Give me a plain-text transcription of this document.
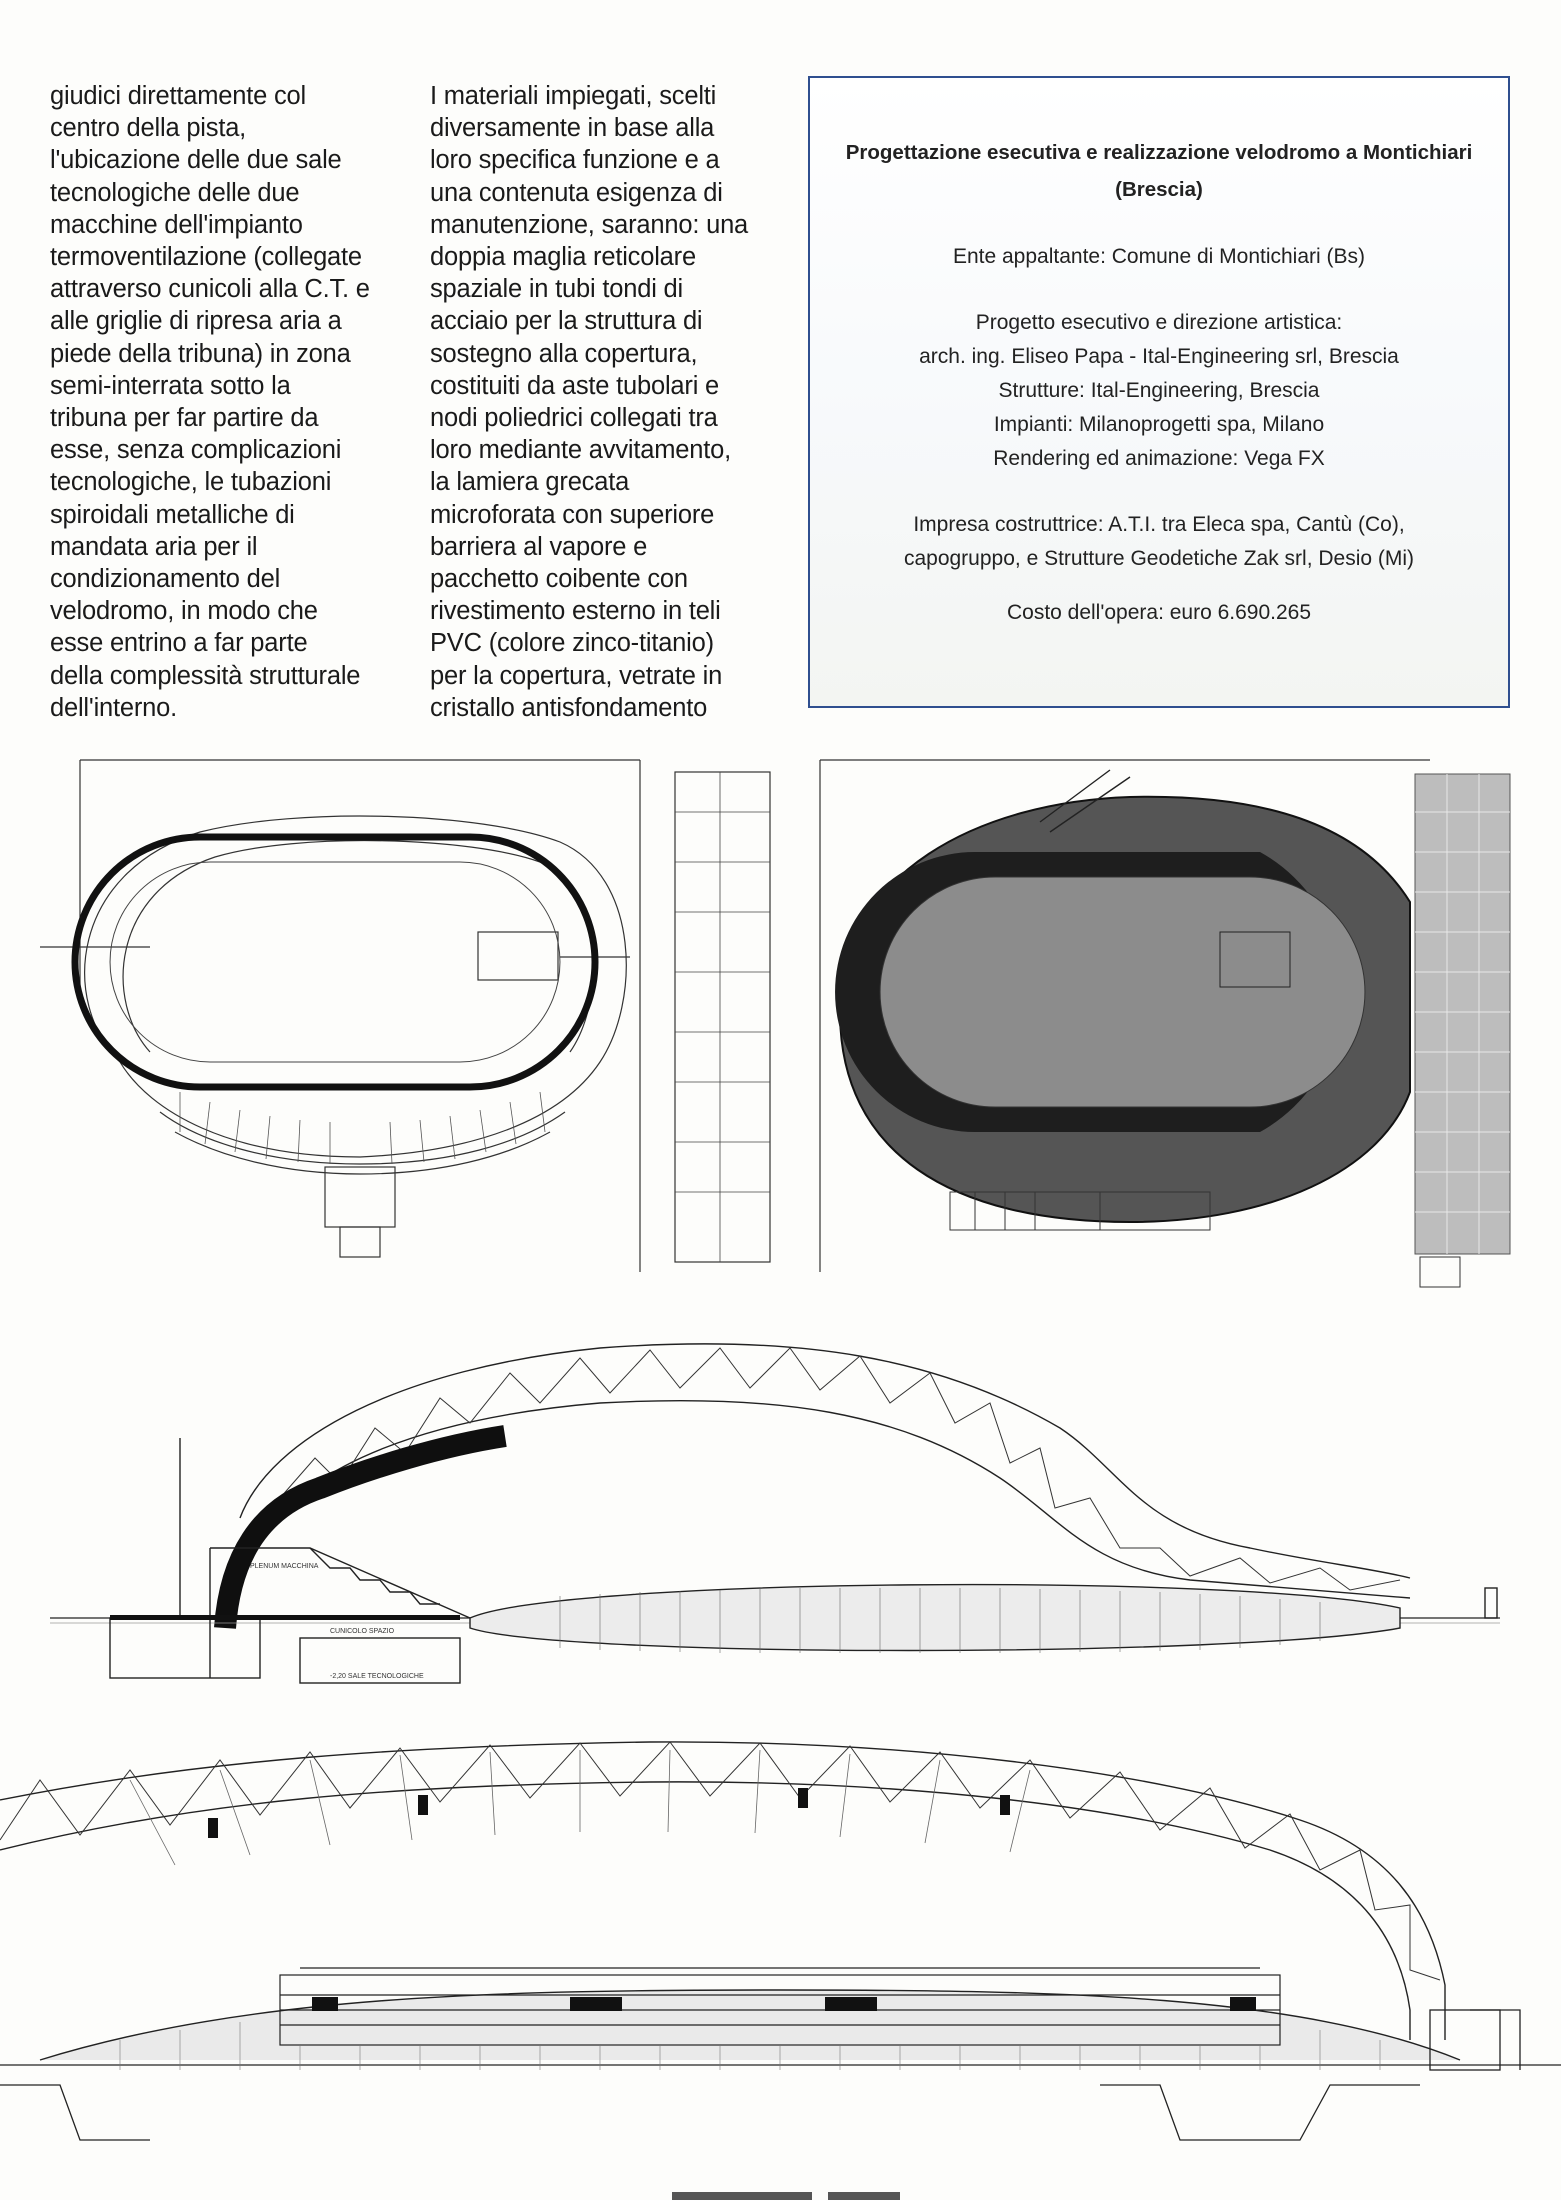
giudici direttamente col

centro della pista,

l'ubicazione delle due sale

tecnologiche delle due

macchine dell'impianto

termoventilazione (collegate

attraverso cunicoli alla C.T. e

alle griglie di ripresa aria a

piede della tribuna) in zona

semi-interrata sotto la

tribuna per far partire da

esse, senza complicazioni

tecnologiche, le tubazioni

spiroidali metalliche di

mandata aria per il

condizionamento del

velodromo, in modo che

esse entrino a far parte

della complessità strutturale

dell'interno.

I materiali impiegati, scelti

diversamente in base alla

loro specifica funzione e a

una contenuta esigenza di

manutenzione, saranno: una

doppia maglia reticolare

spaziale in tubi tondi di

acciaio per la struttura di

sostegno alla copertura,

costituiti da aste tubolari e

nodi poliedrici collegati tra

loro mediante avvitamento,

la lamiera grecata

microforata con superiore

barriera al vapore e

pacchetto coibente con

rivestimento esterno in teli

PVC (colore zinco-titanio)

per la copertura, vetrate in

cristallo antisfondamento

Progettazione esecutiva e realizzazione velodromo a Montichiari (Brescia)
Ente appaltante: Comune di Montichiari (Bs)
Progetto esecutivo e direzione artistica:
arch. ing. Eliseo Papa - Ital-Engineering srl, Brescia
Strutture: Ital-Engineering, Brescia
Impianti: Milanoprogetti spa, Milano
Rendering ed animazione: Vega FX
Impresa costruttrice: A.T.I. tra Eleca spa, Cantù (Co),
capogruppo, e Strutture Geodetiche Zak srl, Desio (Mi)
Costo dell'opera: euro 6.690.265
PLENUM MACCHINA
CUNICOLO SPAZIO
-2,20 SALE TECNOLOGICHE
